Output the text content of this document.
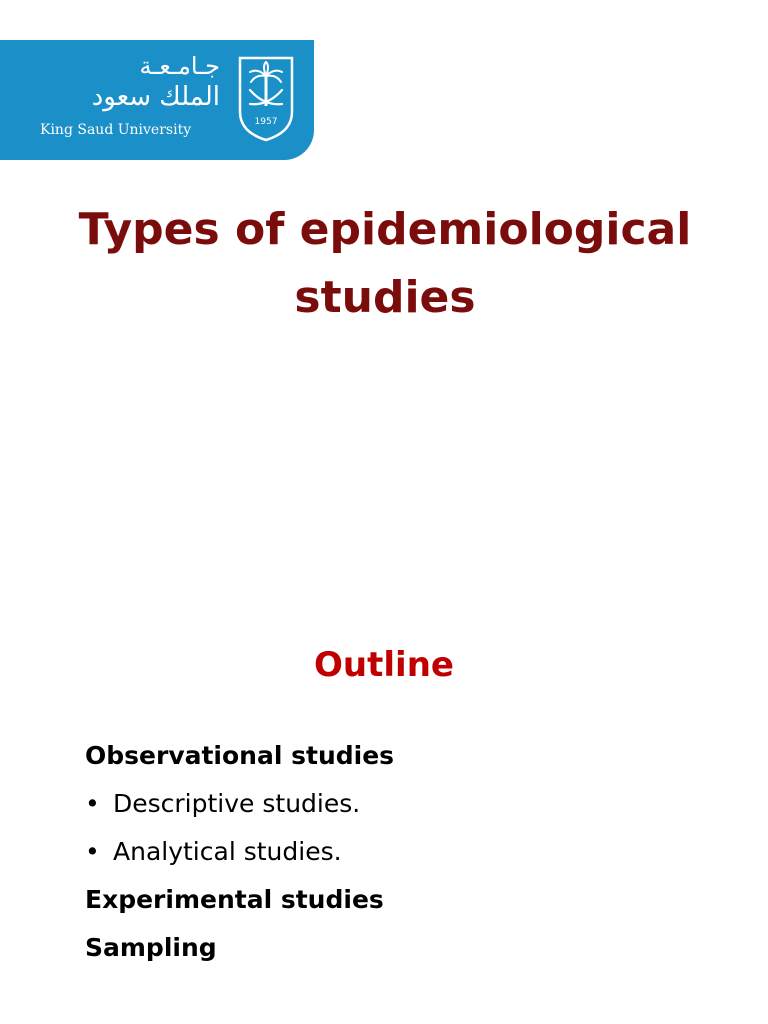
جـامـعـة
الملك سعود
King Saud University	1957
Types of epidemiological studies
Outline
Observational studies
• Descriptive studies.
• Analytical studies.
Experimental studies
Sampling
